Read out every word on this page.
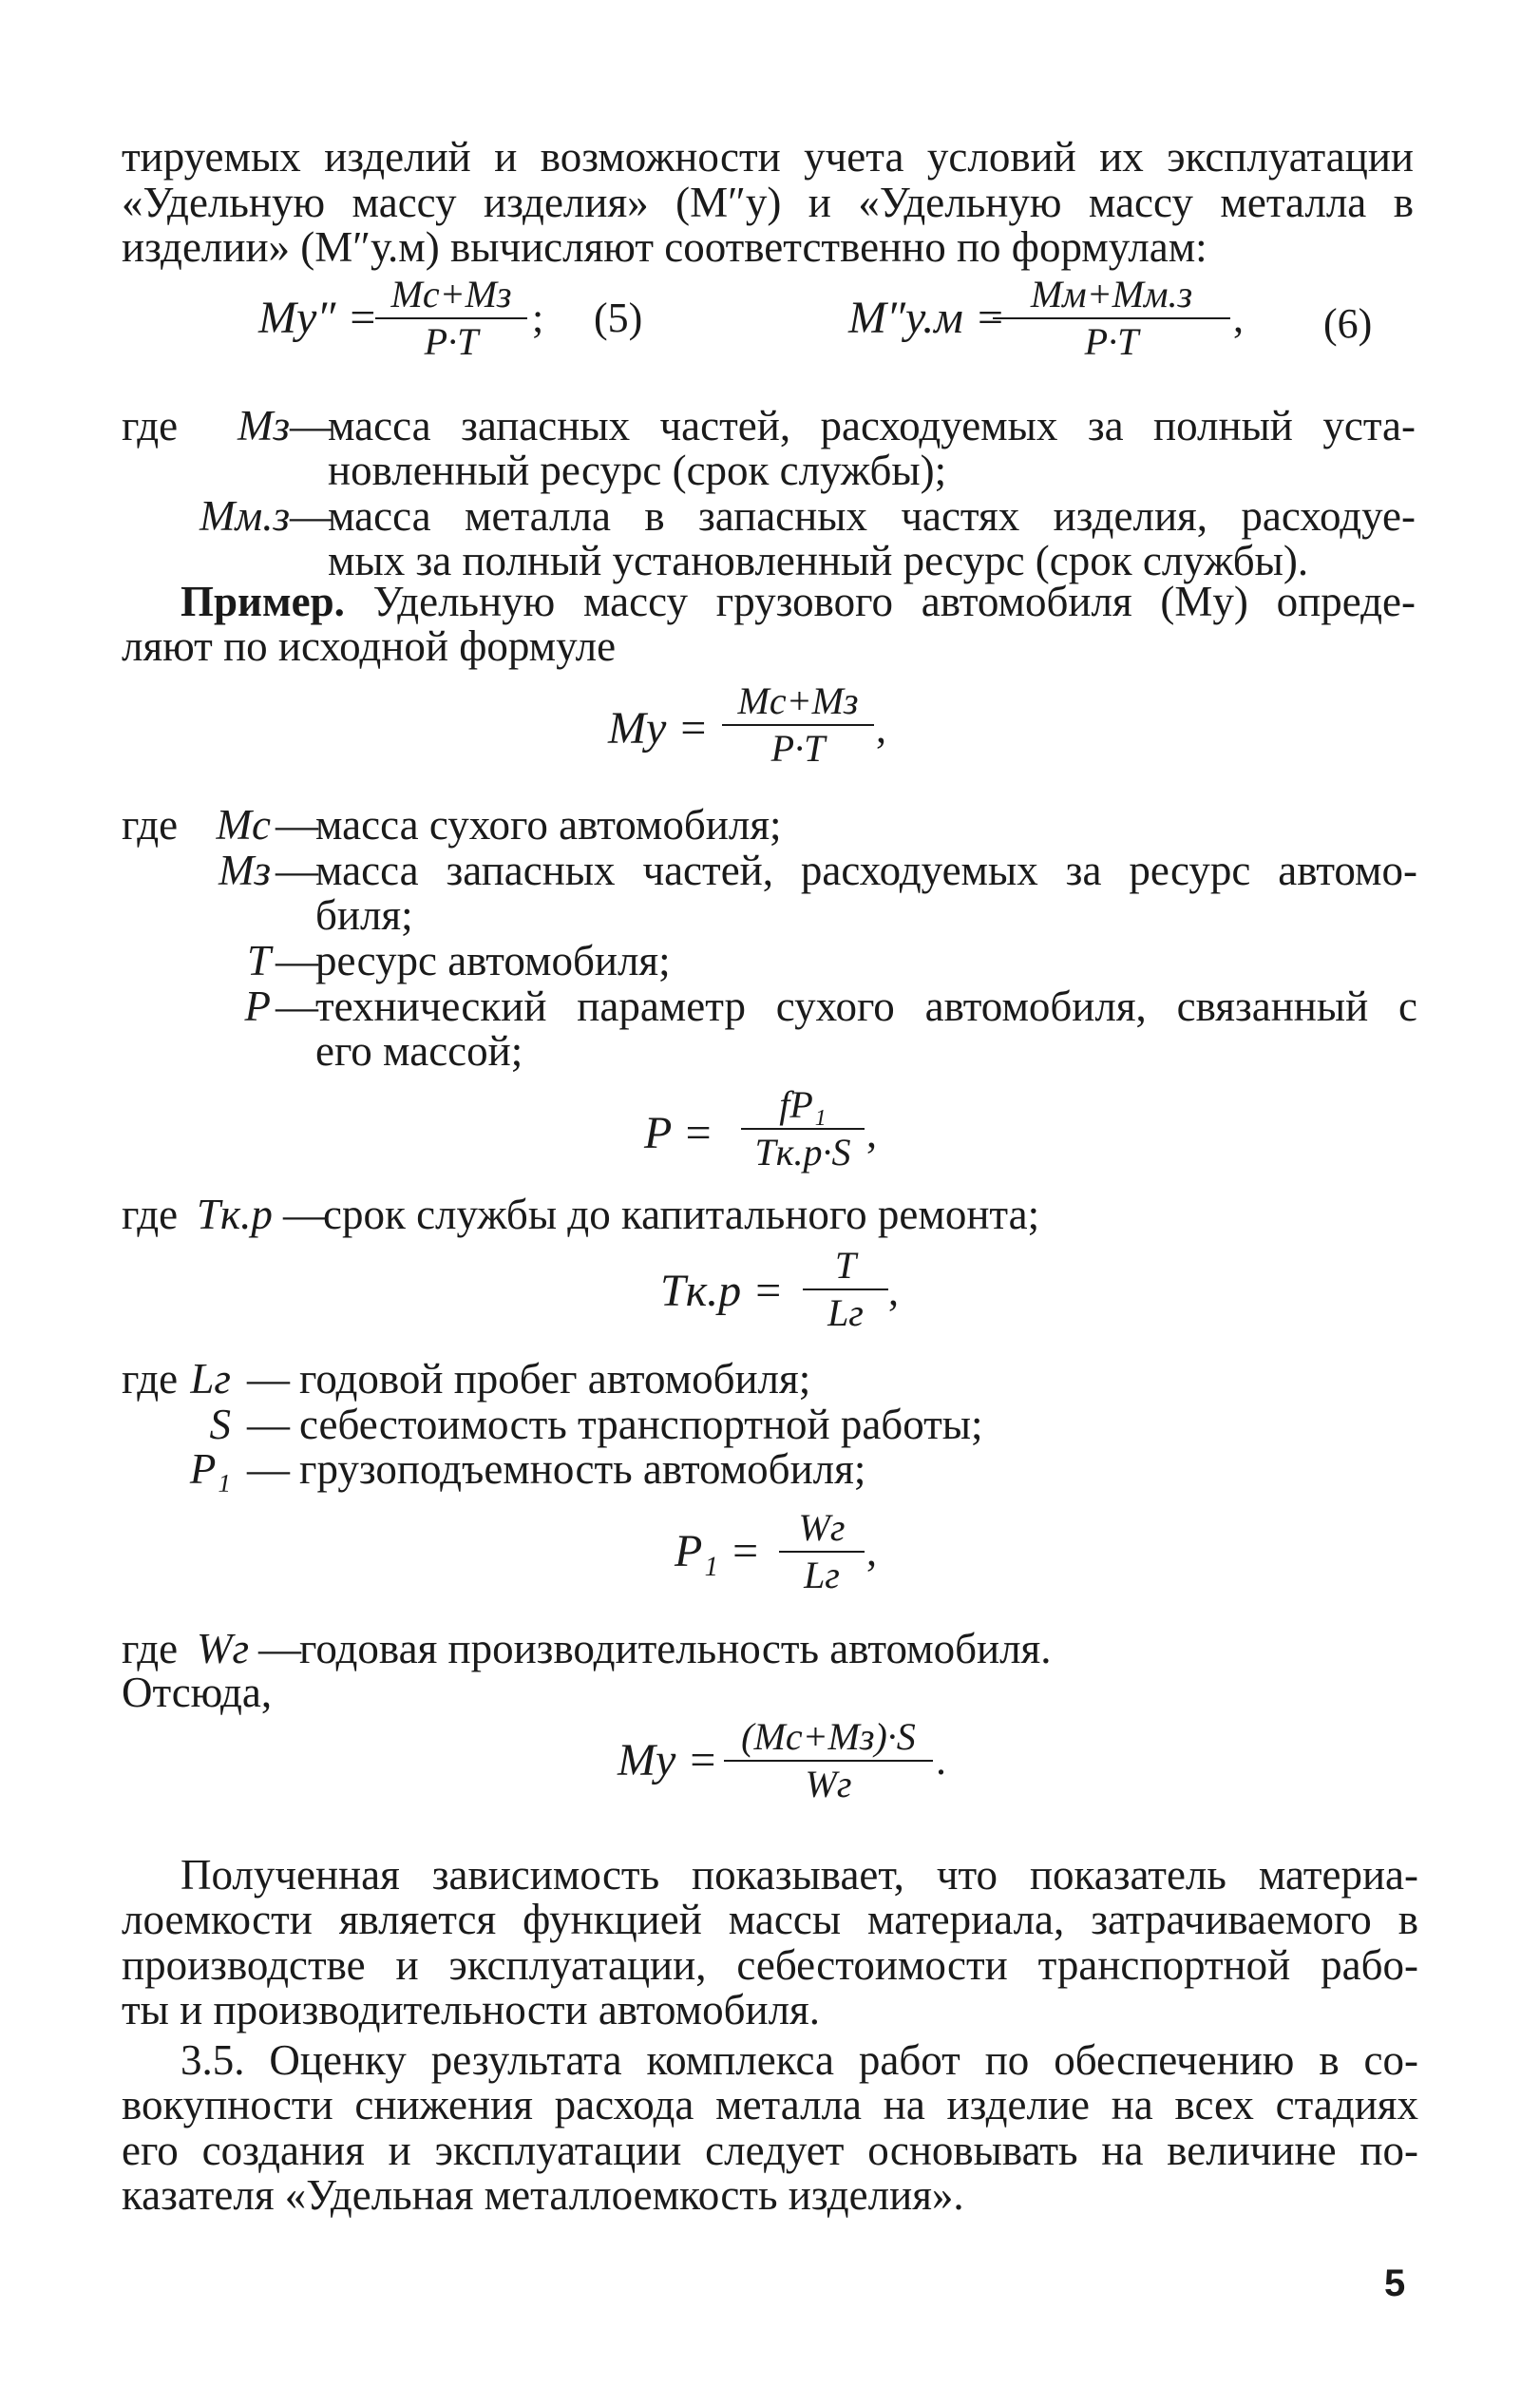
тируемых изделий и возможности учета условий их эксплуатации
«Удельную массу изделия» (M″у) и «Удельную массу металла в
изделии» (M″у.м) вычисляют соответственно по формулам:
Mу″ = Mс+Mз
P·T
; (5)	M″у.м = Mм+Mм.з
P·T
, (6)
где	Mз —
масса запасных частей, расходуемых за полный уста-
новленный ресурс (срок службы);
Mм.з —
масса металла в запасных частях изделия, расходуе-
мых за полный установленный ресурс (срок службы).
Пример. Удельную массу грузового автомобиля (Mу) опреде-
ляют по исходной формуле
Mу =
Mс+Mз
P·T	,
где Mс —
масса сухого автомобиля;
Mз —
масса запасных частей, расходуемых за ресурс автомо-
биля;
T —
ресурс автомобиля;
P —
технический параметр сухого автомобиля, связанный с
его массой;
P =
fP₁
Tк.р·S ,
где Tк.р —
срок службы до капитального ремонта;
Tк.р =
T
Lг ,
где Lг — годовой пробег автомобиля;
S — себестоимость транспортной работы;
P₁ — грузоподъемность автомобиля;
P₁ =	Wг
Lг
,
где Wг —
годовая производительность автомобиля.
Отсюда,
Mу = (Mс+Mз)·S
Wг
.
Полученная зависимость показывает, что показатель материа-
лоемкости является функцией массы материала, затрачиваемого в
производстве и эксплуатации, себестоимости транспортной рабо-
ты и производительности автомобиля.
3.5. Оценку результата комплекса работ по обеспечению в со-
вокупности снижения расхода металла на изделие на всех стадиях
его создания и эксплуатации следует основывать на величине по-
казателя «Удельная металлоемкость изделия».
5
